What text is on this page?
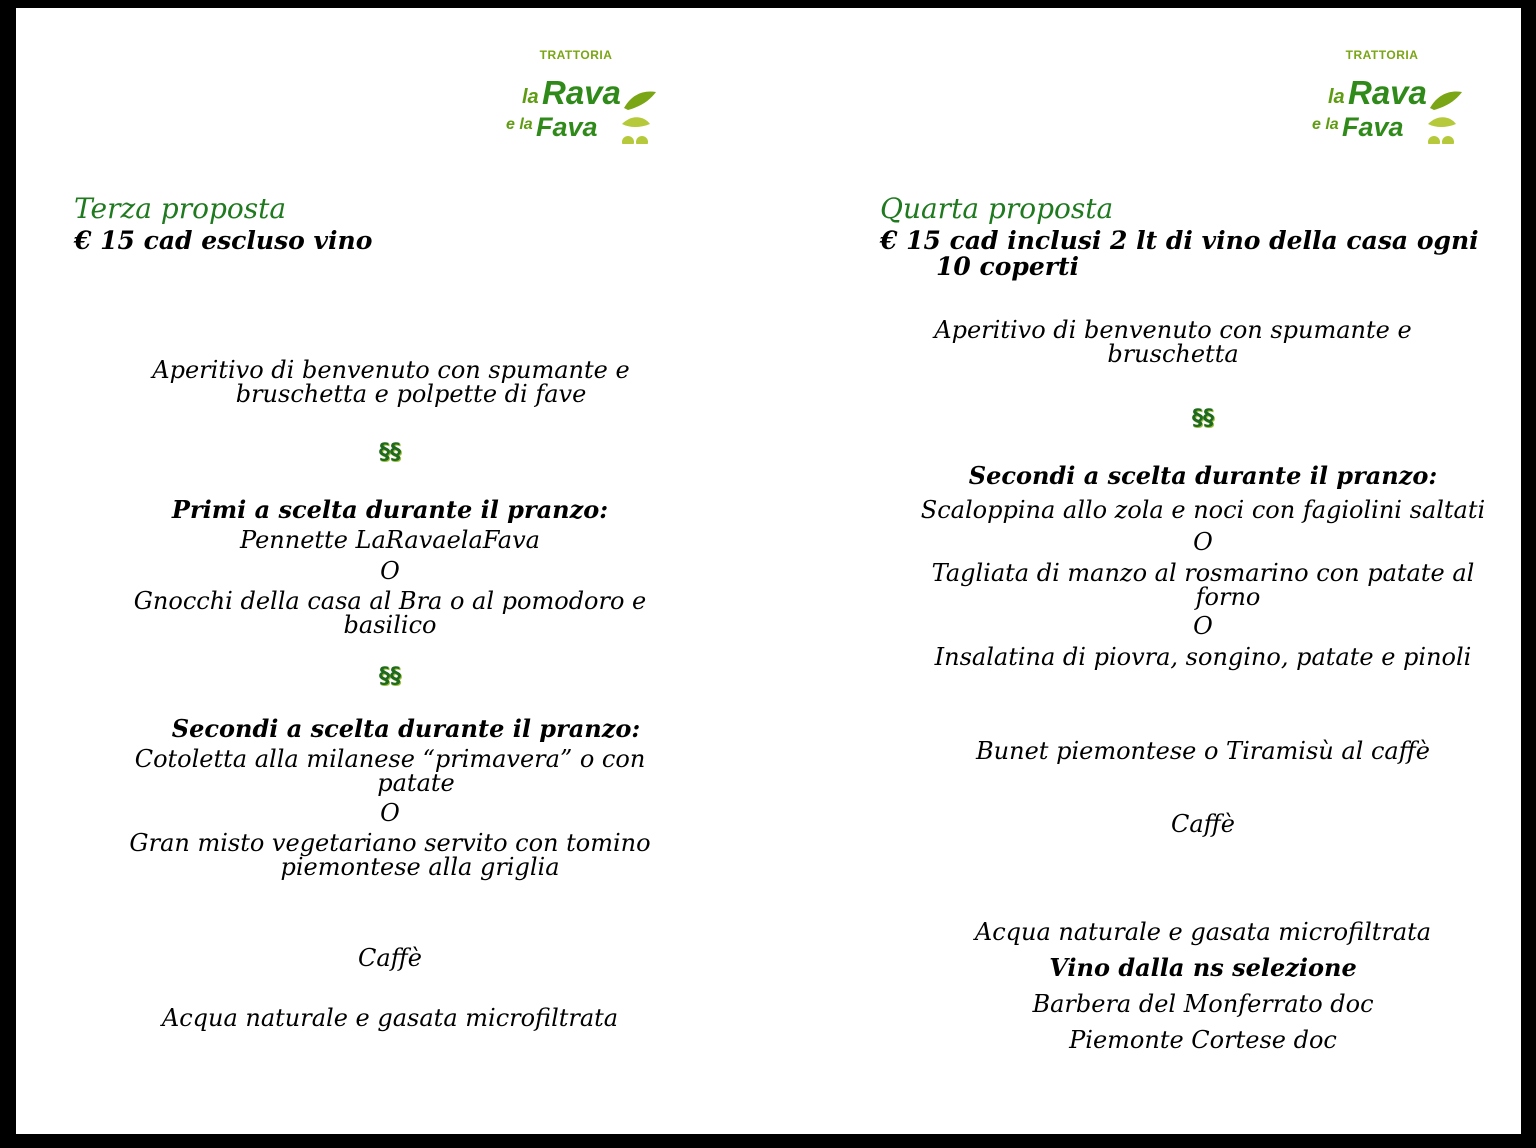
TRATTORIA
la Rava
e la Fava
Terza proposta
€ 15 cad escluso vino
Aperitivo di benvenuto con spumante e
bruschetta e polpette di fave
§§
Primi a scelta durante il pranzo:
Pennette LaRavaelaFava
O
Gnocchi della casa al Bra o al pomodoro e
basilico
§§
Secondi a scelta durante il pranzo:
Cotoletta alla milanese “primavera” o con
patate
O
Gran misto vegetariano servito con tomino
piemontese alla griglia
Caffè
Acqua naturale e gasata microfiltrata
TRATTORIA
la Rava
e la Fava
Quarta proposta
€ 15 cad inclusi 2 lt di vino della casa ogni
10 coperti
Aperitivo di benvenuto con spumante e
bruschetta
§§
Secondi a scelta durante il pranzo:
Scaloppina allo zola e noci con fagiolini saltati
O
Tagliata di manzo al rosmarino con patate al
forno
O
Insalatina di piovra, songino, patate e pinoli
Bunet piemontese o Tiramisù al caffè
Caffè
Acqua naturale e gasata microfiltrata
Vino dalla ns selezione
Barbera del Monferrato doc
Piemonte Cortese doc
